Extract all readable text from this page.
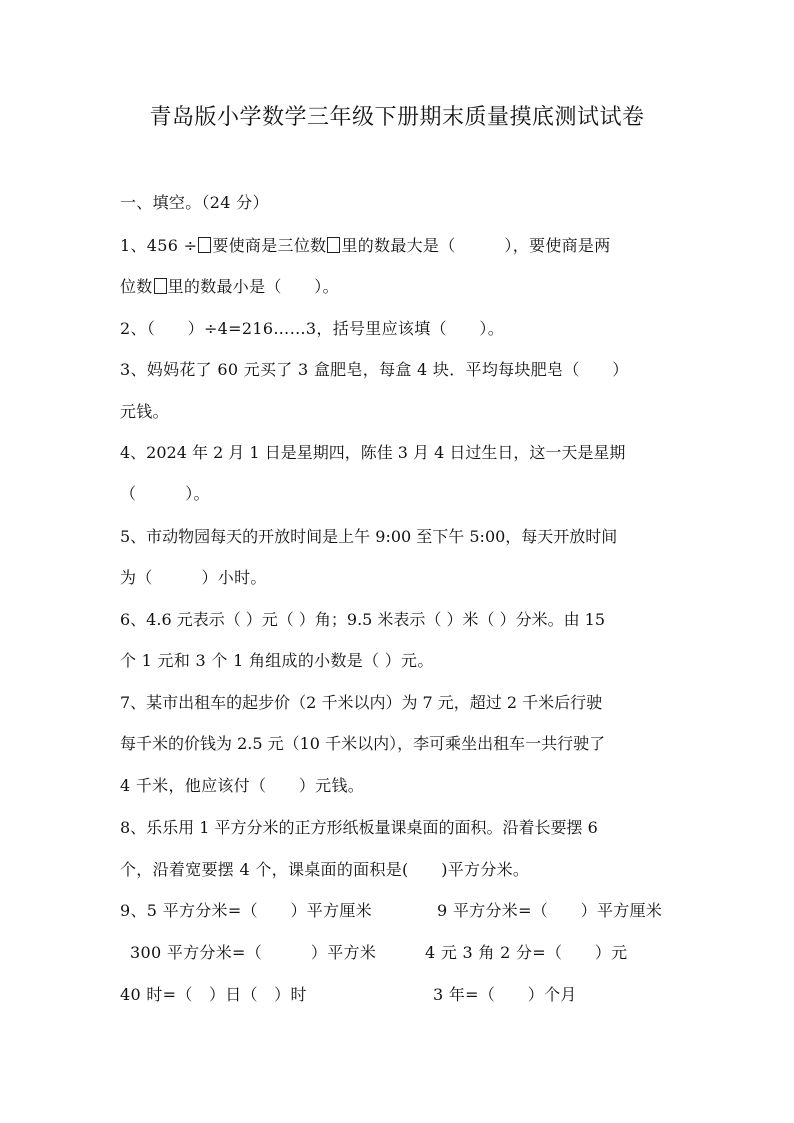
青岛版小学数学三年级下册期末质量摸底测试试卷
一、填空。（24 分）
1、456 ÷ 要使商是三位数 里的数最大是（　　　），要使商是两
位数 里的数最小是（　　）。
2、（　　）÷4=216……3，括号里应该填（　　）。
3、妈妈花了 60 元买了 3 盒肥皂，每盒 4 块．平均每块肥皂（　　）
元钱。
4、2024 年 2 月 1 日是星期四，陈佳 3 月 4 日过生日，这一天是星期
（　　　）。
5、市动物园每天的开放时间是上午 9:00 至下午 5:00，每天开放时间
为（　　　）小时。
6、4.6 元表示（ ）元（ ）角；9.5 米表示（ ）米（ ）分米。由 15
个 1 元和 3 个 1 角组成的小数是（ ）元。
7、某市出租车的起步价（2 千米以内）为 7 元，超过 2 千米后行驶
每千米的价钱为 2.5 元（10 千米以内），李可乘坐出租车一共行驶了
4 千米，他应该付（　　）元钱。
8、乐乐用 1 平方分米的正方形纸板量课桌面的面积。沿着长要摆 6
个，沿着宽要摆 4 个，课桌面的面积是(　　)平方分米。
9、5 平方分米=（　　）平方厘米	9 平方分米=（　　）平方厘米
300 平方分米=（　　　）平方米	4 元 3 角 2 分=（　　）元
40 时=（　）日（　）时	3 年=（　　）个月
